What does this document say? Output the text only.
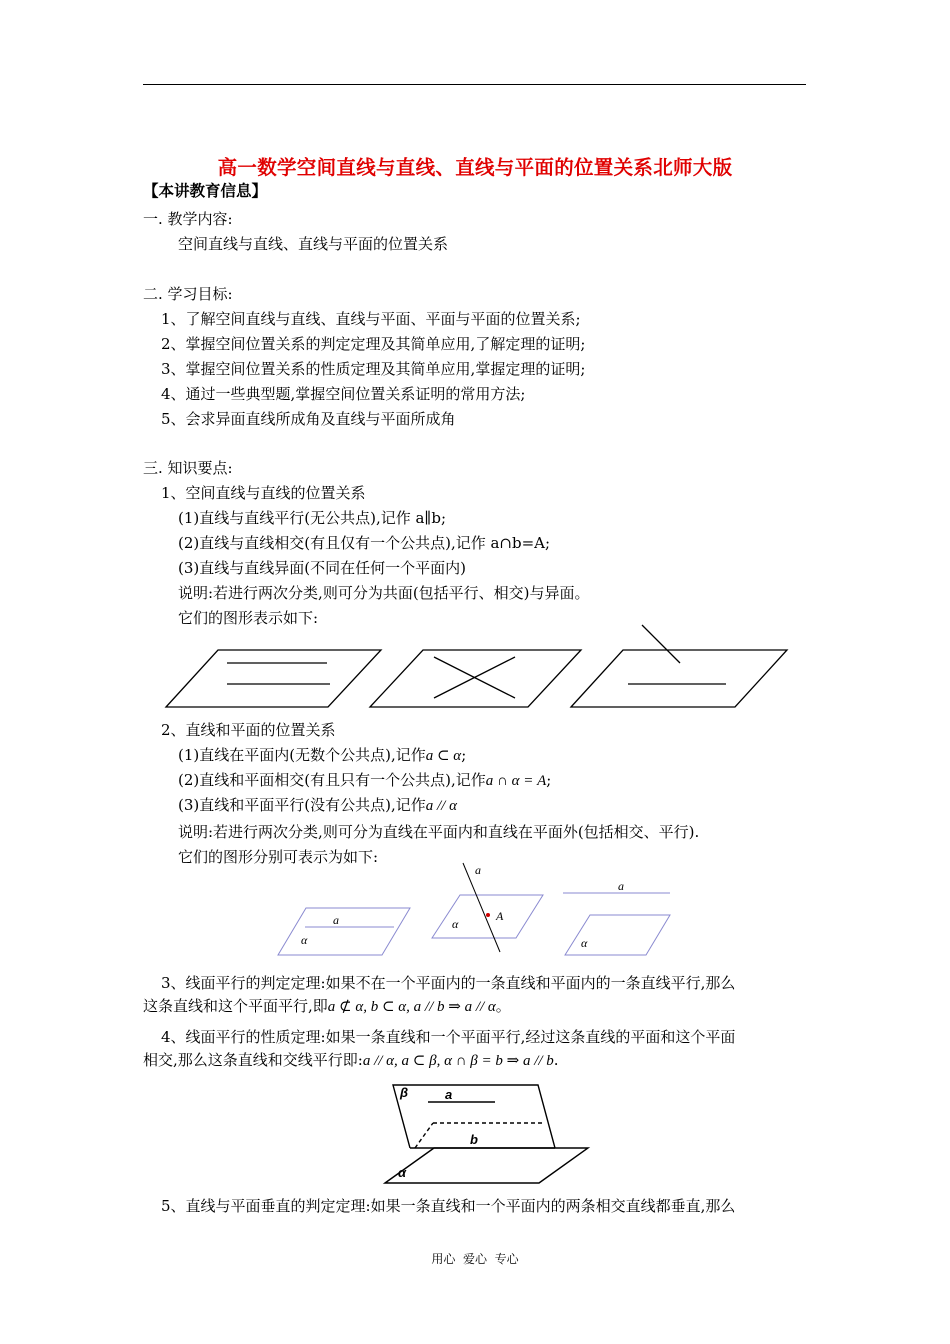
高一数学空间直线与直线、直线与平面的位置关系北师大版
【本讲教育信息】
一. 教学内容:
空间直线与直线、直线与平面的位置关系
二. 学习目标:
1、了解空间直线与直线、直线与平面、平面与平面的位置关系;
2、掌握空间位置关系的判定定理及其简单应用,了解定理的证明;
3、掌握空间位置关系的性质定理及其简单应用,掌握定理的证明;
4、通过一些典型题,掌握空间位置关系证明的常用方法;
5、会求异面直线所成角及直线与平面所成角
三. 知识要点:
1、空间直线与直线的位置关系
(1)直线与直线平行(无公共点),记作 a∥b;
(2)直线与直线相交(有且仅有一个公共点),记作 a∩b=A;
(3)直线与直线异面(不同在任何一个平面内)
说明:若进行两次分类,则可分为共面(包括平行、相交)与异面。
它们的图形表示如下:
2、直线和平面的位置关系
(1)直线在平面内(无数个公共点),记作a ⊂ α;
(2)直线和平面相交(有且只有一个公共点),记作a ∩ α = A;
(3)直线和平面平行(没有公共点),记作a // α
说明:若进行两次分类,则可分为直线在平面内和直线在平面外(包括相交、平行).
它们的图形分别可表示为如下:
a
α
a
α
A
a
α
3、线面平行的判定定理:如果不在一个平面内的一条直线和平面内的一条直线平行,那么
这条直线和这个平面平行,即a ⊄ α, b ⊂ α, a // b ⇒ a // α。
4、线面平行的性质定理:如果一条直线和一个平面平行,经过这条直线的平面和这个平面
相交,那么这条直线和交线平行即:a // α, a ⊂ β, α ∩ β = b ⇒ a // b.
β	a
b
α
5、直线与平面垂直的判定定理:如果一条直线和一个平面内的两条相交直线都垂直,那么
用心  爱心  专心
